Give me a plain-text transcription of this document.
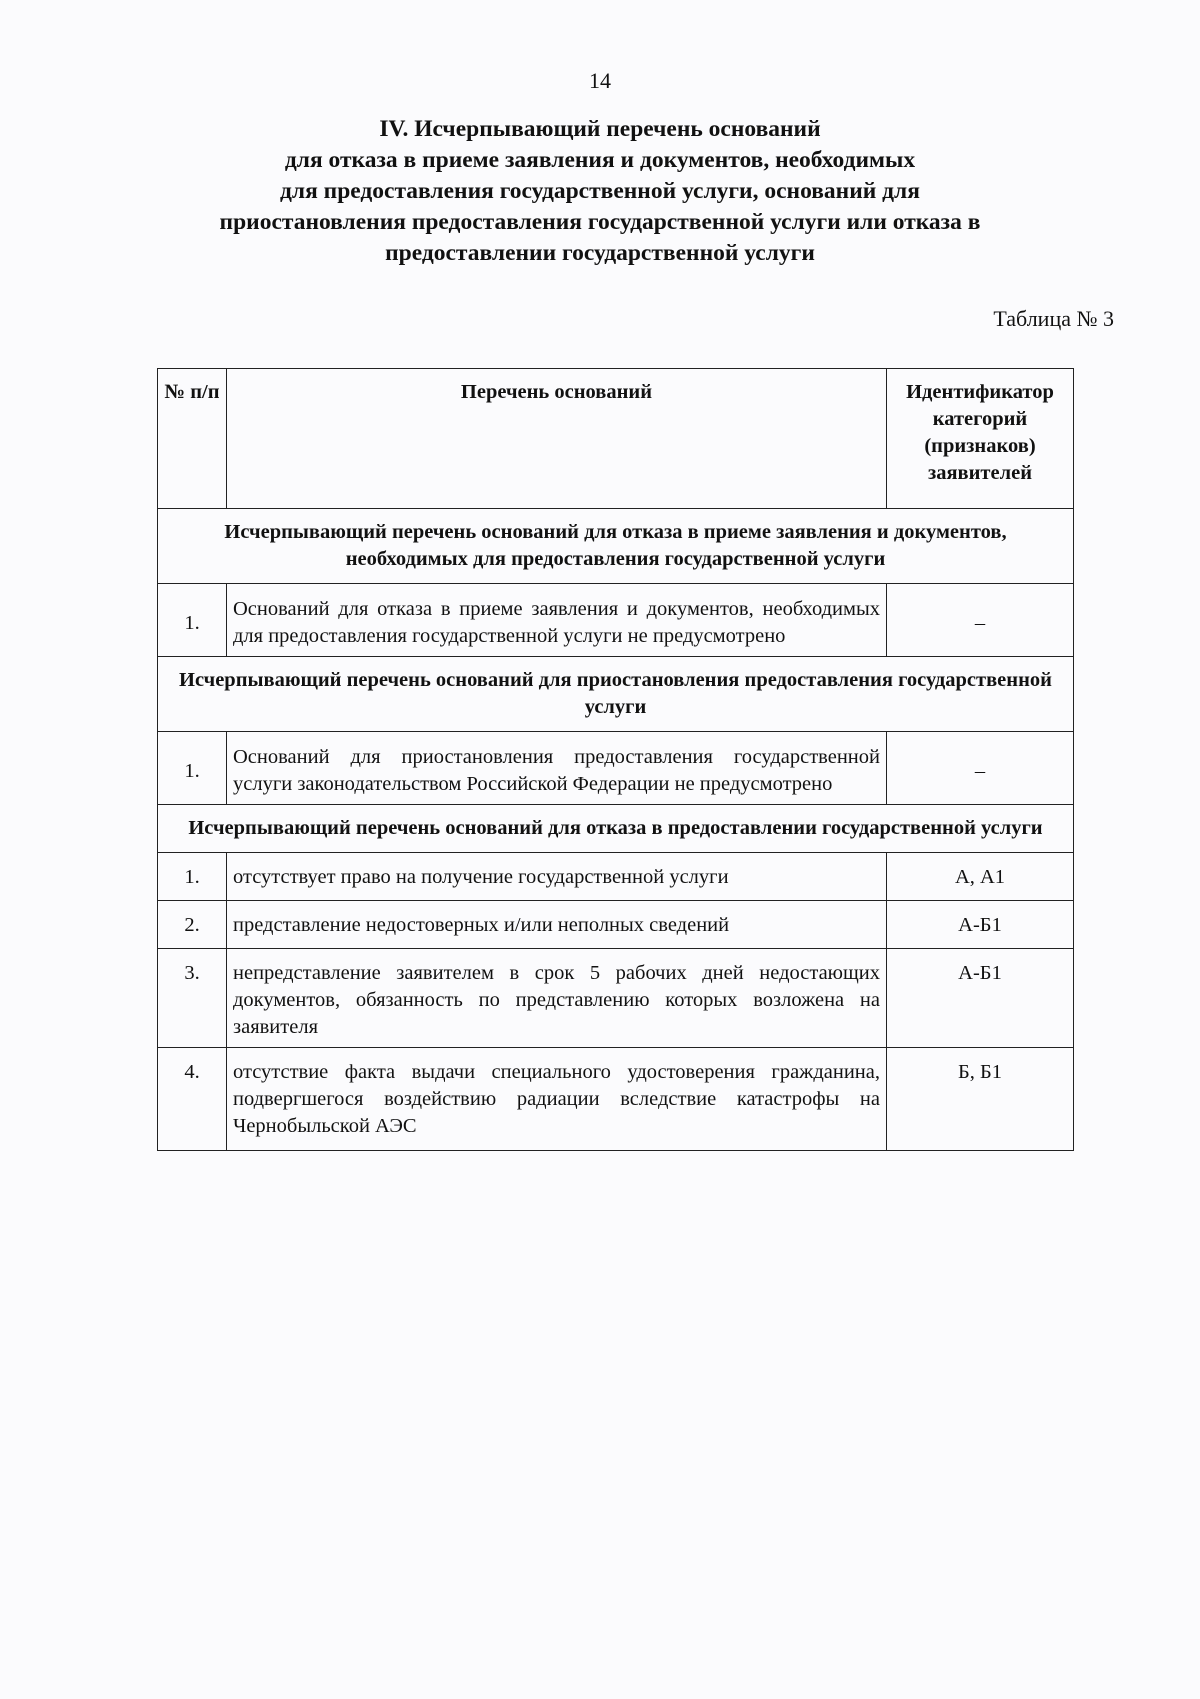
14
IV. Исчерпывающий перечень оснований
для отказа в приеме заявления и документов, необходимых
для предоставления государственной услуги, оснований для
приостановления предоставления государственной услуги или отказа в
предоставлении государственной услуги
Таблица № 3
№ п/п	Перечень оснований	Идентификатор категорий (признаков) заявителей
Исчерпывающий перечень оснований для отказа в приеме заявления и документов, необходимых для предоставления государственной услуги		
1.	Оснований для отказа в приеме заявления и документов, необходимых для предоставления государственной услуги не предусмотрено	–
Исчерпывающий перечень оснований для приостановления предоставления государственной услуги		
1.	Оснований для приостановления предоставления государственной услуги законодательством Российской Федерации не предусмотрено	–
Исчерпывающий перечень оснований для отказа в предоставлении государственной услуги		
1.	отсутствует право на получение государственной услуги	А, А1
2.	представление недостоверных и/или неполных сведений	А-Б1
3.	непредставление заявителем в срок 5 рабочих дней недостающих документов, обязанность по представлению которых возложена на заявителя	А-Б1
4.	отсутствие факта выдачи специального удостоверения гражданина, подвергшегося воздействию радиации вследствие катастрофы на Чернобыльской АЭС	Б, Б1
